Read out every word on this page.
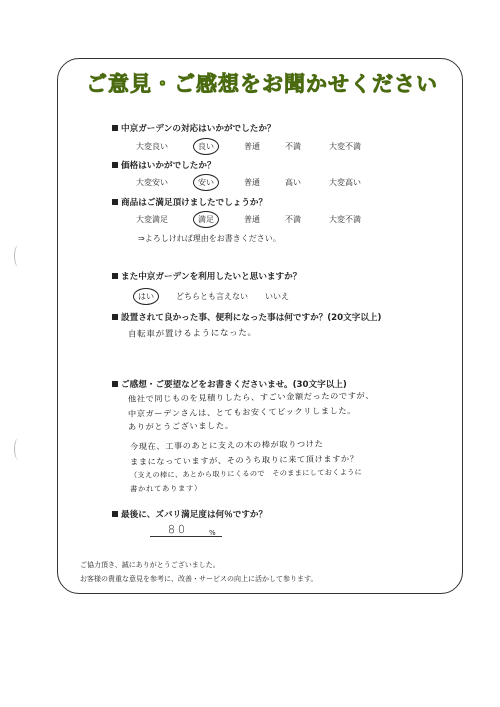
ご意見・ご感想をお聞かせください
中京ガーデンの対応はいかがでしたか？
大変良い	良い	普通	不満	大変不満
価格はいかがでしたか？
大変安い	安い	普通	高い	大変高い
商品はご満足頂けましたでしょうか？
大変満足	満足	普通	不満	大変不満
⇒よろしければ理由をお書きください。
また中京ガーデンを利用したいと思いますか？
はい	どちらとも言えない いいえ
設置されて良かった事、便利になった事は何ですか？(20文字以上)
自転車が置けるようになった。
ご感想・ご要望などをお書きくださいませ。(30文字以上)
他社で同じものを見積りしたら、すごい金額だったのですが、
中京ガーデンさんは、とてもお安くてビックリしました。
ありがとうございました。
今現在、工事のあとに支えの木の棒が取りつけた
ままになっていますが、そのうち取りに来て頂けますか？
（支えの棒に、あとから取りにくるので　そのままにしておくように
書かれてあります）
最後に、ズバリ満足度は何％ですか？
80	%
ご協力頂き、誠にありがとうございました。
お客様の貴重な意見を参考に、改善・サービスの向上に活かして参ります。
